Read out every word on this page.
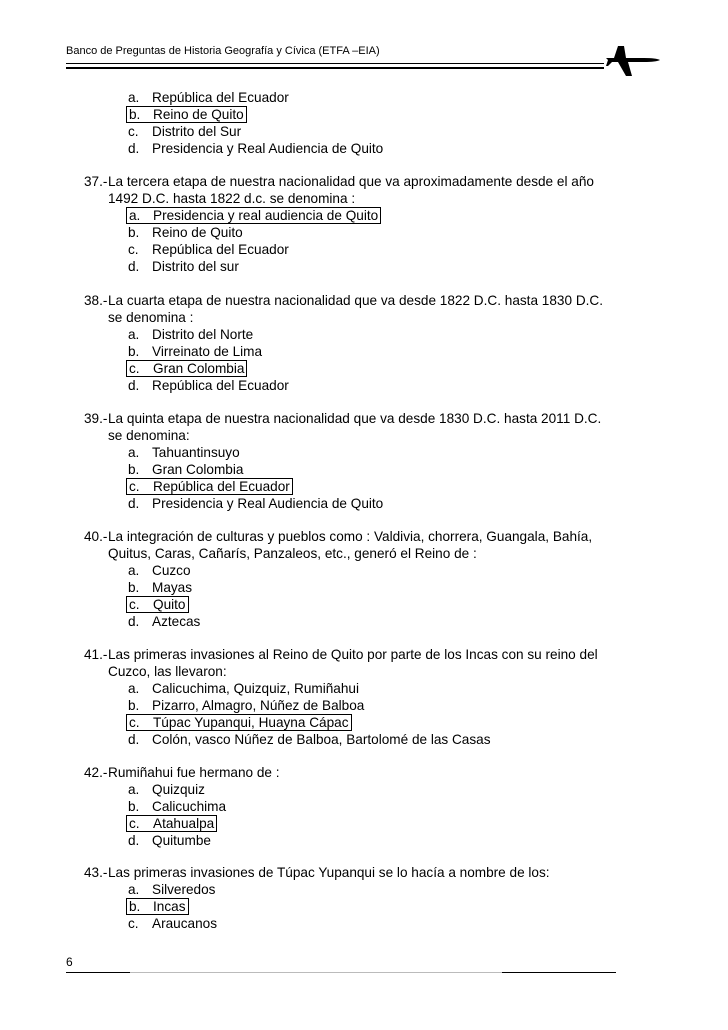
Banco de Preguntas de Historia Geografía y Cívica (ETFA –EIA)
a. República del Ecuador
b. Reino de Quito
c. Distrito del Sur
d. Presidencia y Real Audiencia de Quito
37.- La tercera etapa de nuestra nacionalidad que va aproximadamente desde el año
1492 D.C. hasta 1822 d.c. se denomina :
a. Presidencia y real audiencia de Quito
b. Reino de Quito
c. República del Ecuador
d. Distrito del sur
38.- La cuarta etapa de nuestra nacionalidad que va desde 1822 D.C. hasta 1830 D.C.
se denomina :
a. Distrito del Norte
b. Virreinato de Lima
c. Gran Colombia
d. República del Ecuador
39.- La quinta etapa de nuestra nacionalidad que va desde 1830 D.C. hasta 2011 D.C.
se denomina:
a. Tahuantinsuyo
b. Gran Colombia
c. República del Ecuador
d. Presidencia y Real Audiencia de Quito
40.- La integración de culturas y pueblos como : Valdivia, chorrera, Guangala, Bahía,
Quitus, Caras, Cañarís, Panzaleos, etc., generó el Reino de :
a. Cuzco
b. Mayas
c. Quito
d. Aztecas
41.- Las primeras invasiones al Reino de Quito por parte de los Incas con su reino del
Cuzco, las llevaron:
a. Calicuchima, Quizquiz, Rumiñahui
b. Pizarro, Almagro, Núñez de Balboa
c. Túpac Yupanqui, Huayna Cápac
d. Colón, vasco Núñez de Balboa, Bartolomé de las Casas
42.- Rumiñahui fue hermano de :
a. Quizquiz
b. Calicuchima
c. Atahualpa
d. Quitumbe
43.- Las primeras invasiones de Túpac Yupanqui se lo hacía a nombre de los:
a. Silveredos
b. Incas
c. Araucanos
6
